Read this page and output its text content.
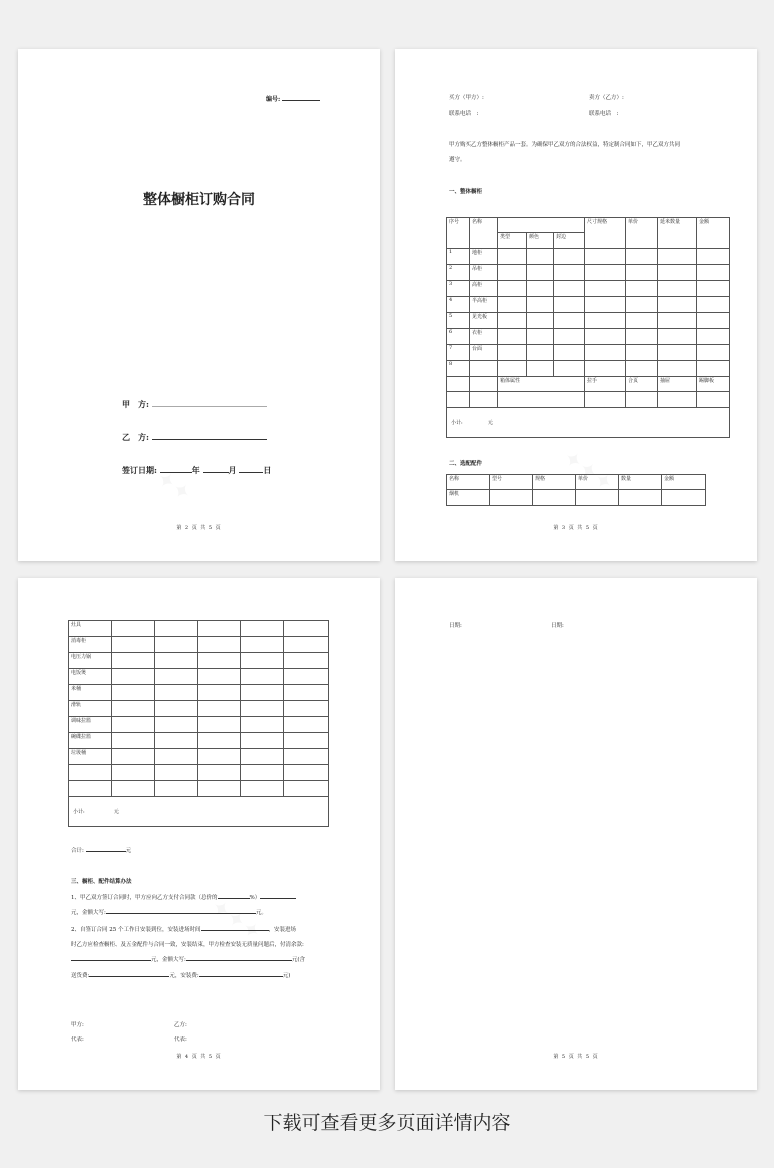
编号:
整体橱柜订购合同
甲　方:
乙　方:
签订日期:	年	月	日
第 2 页 共 5 页
买方（甲方）:	卖方（乙方）:
联系电话　:	联系电话　:
甲方购买乙方整体橱柜产品一套。为确保甲乙双方的合法权益，特定制合同如下，甲乙双方共同
遵守。
一、整体橱柜
序号	名称				尺寸规格	单价	延米数量	金额
		类型	颜色	封边				
1	地柜							
2	吊柜							
3	高柜							
4	半高柜							
5	见光板							
6	衣柜							
7	台面							
8								
		箱体属性			拉手	合页	抽屉	踢脚板

小计: 元								
二、选配配件
名称	型号	规格	单价	数量	金额
烟机					
第 3 页 共 5 页
灶具					
消毒柜					
电压力锅					
电饭煲					
米桶					
滑轨					
调味拉篮					
碗碟拉篮					
垃圾桶					

小计: 元					
合计:	元
三、橱柜、配件结算办法
1、甲乙双方签订合同时，甲方应向乙方支付合同款（总价的	%）
元，金额大写:	元。
2、自签订合同 25 个工作日安装到位，安装进场时间	，安装进场
时乙方应检查橱柜、及五金配件与合同一致，安装结束，甲方检查安装无质量问题后，付清余款:
元，金额大写:	元(含
送货费:	元，安装费:	元)
甲方:	乙方:
代表:	代表:
第 4 页 共 5 页
日期:	日期:
第 5 页 共 5 页
下载可查看更多页面详情内容
